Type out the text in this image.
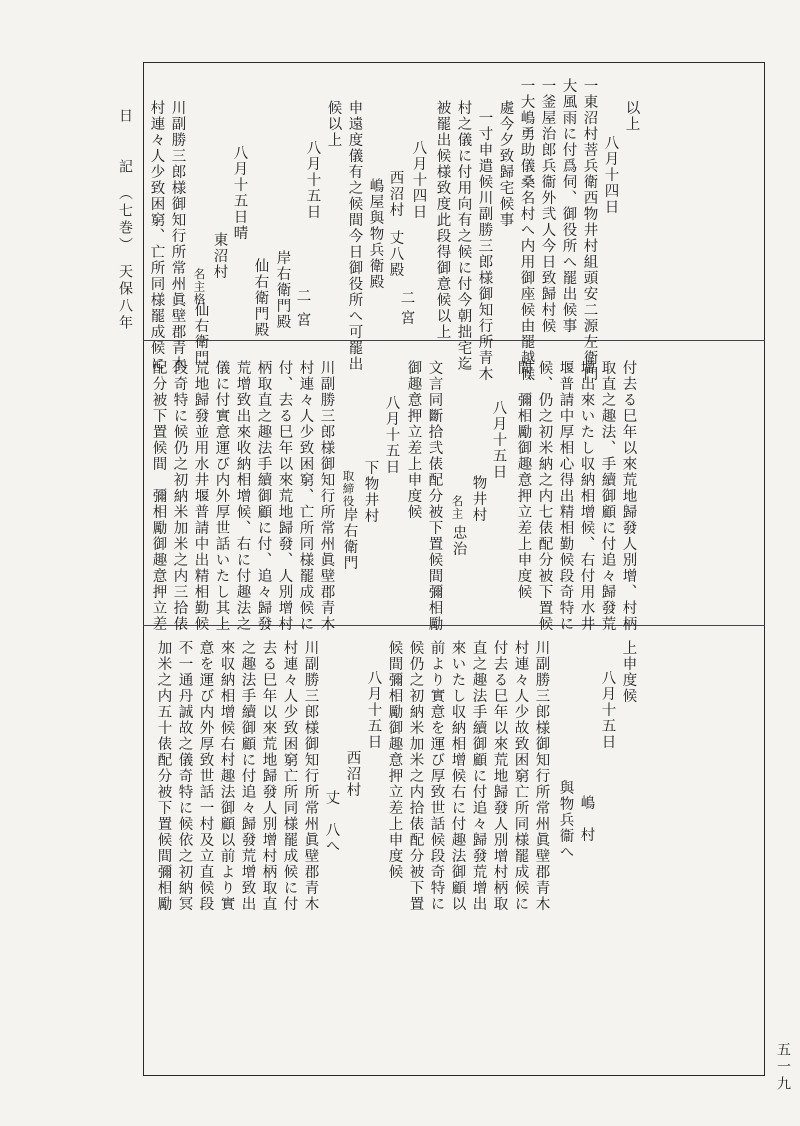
日　　記　（七巻）　天保八年
五一九
以上
八月十四日
一東沼村菩兵衛西物井村組頭安二源左衛門
大風雨に付爲伺、御役所へ罷出候事
一釜屋治郎兵衞外弐人今日致歸村候
一大嶋勇助儀桑名村へ内用御座候由罷越候
處今夕致歸宅候事
一寸申遣候川副勝三郎様御知行所青木
村之儀に付用向有之候に付今朝拙宅迄
被罷出候様致度此段得御意候以上
八月十四日
二
宮
西沼村
丈八殿
嶋屋與物兵衛殿
申遠度儀有之候間今日御役所へ可罷出
候以上
八月十五日
二
宮
岸右衛門殿
仙右衛門殿
八月十五日晴
東沼村
名主格
仙右衛門
川副勝三郎様御知行所常州眞壁郡青木
村連々人少致困窮、亡所同様罷成候に
付去る巳年以來荒地歸發人別增、村柄
取直之趣法、手續御顧に付追々歸發荒
增出來いたし収納相增候、右付用水井
堰普請中厚相心得出精相勤候段奇特に
候、仍之初米納之内七俵配分被下置候
間、彌相勵御趣意押立差上申度候
八月十五日
物井村
名主
忠治
文言同斷拾弐俵配分被下置候間彌相勵
御趣意押立差上申度候
八月十五日
下物井村
取締役
岸右衛門
川副勝三郎様御知行所常州眞壁郡青木
村連々人少致困窮、亡所同様罷成候に
付、去る巳年以來荒地歸發、人別增村
柄取直之趣法手續御顧に付、追々歸發
荒增致出來收納相增候、右に付趣法之
儀に付實意運び内外厚世話いたし其上
荒地歸發並用水井堰普請中出精相勤候
段奇特に候仍之初納米加米之内三拾俵
配分被下置候間　彌相勵御趣意押立差
上申度候
八月十五日
嶋　村
與物兵衞へ
川副勝三郎様御知行所常州眞壁郡青木
村連々人少故致困窮亡所同様罷成候に
付去る巳年以來荒地歸發人別增村柄取
直之趣法手續御顧に付追々歸發荒增出
來いたし収納相增候右に付趣法御顧以
前より實意を運び厚致世話候段奇特に
候仍之初納米加米之内拾俵配分被下置
候間彌相勵御趣意押立差上申度候
八月十五日
西沼村
丈　八へ
川副勝三郎様御知行所常州眞壁郡青木
村連々人少致困窮亡所同様罷成候に付
去る巳年以來荒地歸發人別增村柄取直
之趣法手續御顧に付追々歸發荒增致出
來収納相增候右村趣法御顧以前より實
意を運び内外厚致世話一村及立直候段
不一通丹誠故之儀奇特に候依之初納冥
加米之内五十俵配分被下置候間彌相勵
